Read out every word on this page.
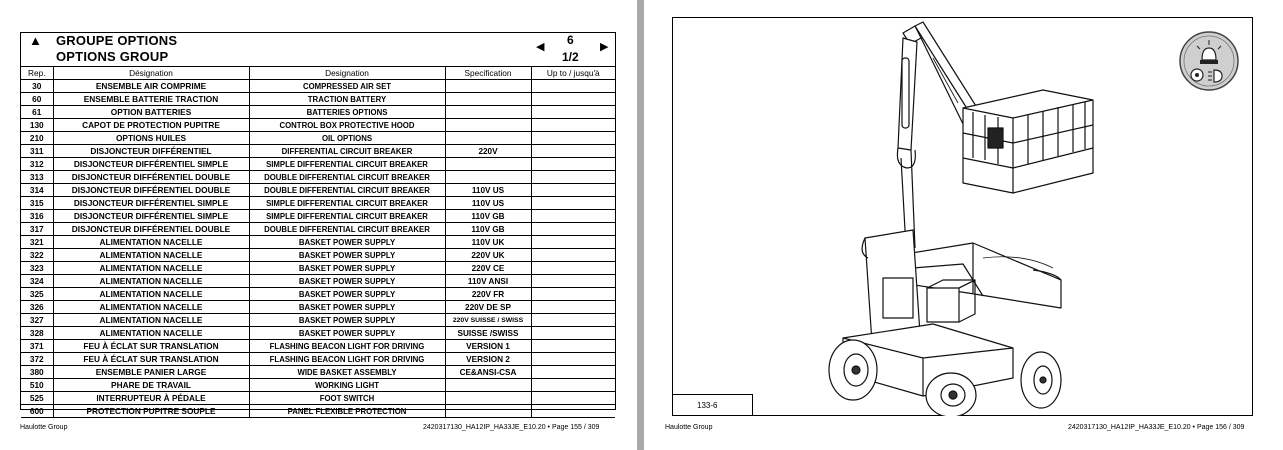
▲ GROUPE OPTIONS
OPTIONS GROUP
◀ 6
1/2
▶
Rep.	Désignation	Designation	Specification	Up to / jusqu'à
30	ENSEMBLE AIR COMPRIME	COMPRESSED AIR SET		
60	ENSEMBLE BATTERIE TRACTION	TRACTION BATTERY		
61	OPTION BATTERIES	BATTERIES OPTIONS		
130	CAPOT DE PROTECTION PUPITRE	CONTROL BOX PROTECTIVE HOOD		
210	OPTIONS HUILES	OIL OPTIONS		
311	DISJONCTEUR DIFFÉRENTIEL	DIFFERENTIAL CIRCUIT BREAKER	220V	
312	DISJONCTEUR DIFFÉRENTIEL SIMPLE	SIMPLE DIFFERENTIAL CIRCUIT BREAKER		
313	DISJONCTEUR DIFFÉRENTIEL DOUBLE	DOUBLE DIFFERENTIAL CIRCUIT BREAKER		
314	DISJONCTEUR DIFFÉRENTIEL DOUBLE	DOUBLE DIFFERENTIAL CIRCUIT BREAKER	110V US	
315	DISJONCTEUR DIFFÉRENTIEL SIMPLE	SIMPLE DIFFERENTIAL CIRCUIT BREAKER	110V US	
316	DISJONCTEUR DIFFÉRENTIEL SIMPLE	SIMPLE DIFFERENTIAL CIRCUIT BREAKER	110V GB	
317	DISJONCTEUR DIFFÉRENTIEL DOUBLE	DOUBLE DIFFERENTIAL CIRCUIT BREAKER	110V GB	
321	ALIMENTATION NACELLE	BASKET POWER SUPPLY	110V UK	
322	ALIMENTATION NACELLE	BASKET POWER SUPPLY	220V UK	
323	ALIMENTATION NACELLE	BASKET POWER SUPPLY	220V CE	
324	ALIMENTATION NACELLE	BASKET POWER SUPPLY	110V ANSI	
325	ALIMENTATION NACELLE	BASKET POWER SUPPLY	220V FR	
326	ALIMENTATION NACELLE	BASKET POWER SUPPLY	220V DE SP	
327	ALIMENTATION NACELLE	BASKET POWER SUPPLY	220V SUISSE / SWISS	
328	ALIMENTATION NACELLE	BASKET POWER SUPPLY	SUISSE /SWISS	
371	FEU À ÉCLAT SUR TRANSLATION	FLASHING BEACON LIGHT FOR DRIVING	VERSION 1	
372	FEU À ÉCLAT SUR TRANSLATION	FLASHING BEACON LIGHT FOR DRIVING	VERSION 2	
380	ENSEMBLE PANIER LARGE	WIDE BASKET ASSEMBLY	CE&ANSI-CSA	
510	PHARE DE TRAVAIL	WORKING LIGHT		
525	INTERRUPTEUR À PÉDALE	FOOT SWITCH		
600	PROTECTION PUPITRE SOUPLE	PANEL FLEXIBLE PROTECTION		
Haulotte Group	2420317130_HA12IP_HA33JE_E10.20 • Page 155 / 309
133-6
Haulotte Group	2420317130_HA12IP_HA33JE_E10.20 • Page 156 / 309
